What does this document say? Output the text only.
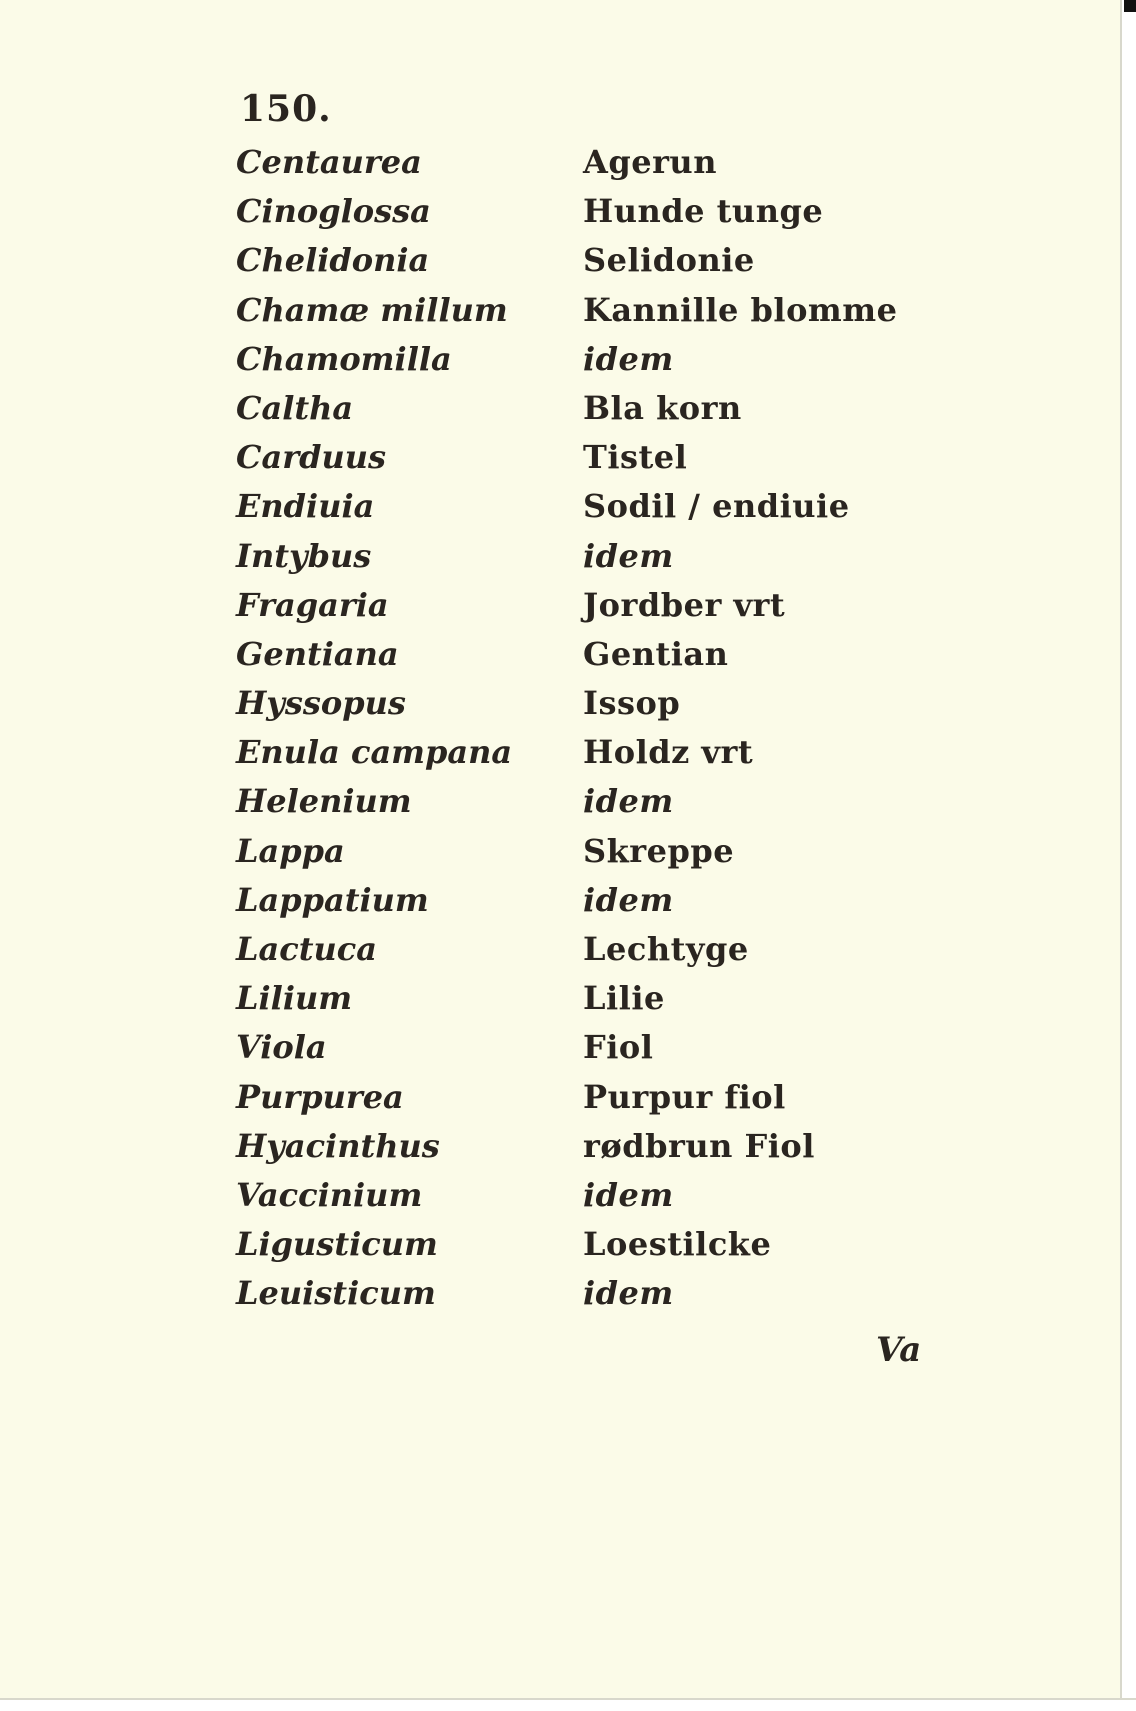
150.
Centaurea
Cinoglossa
Chelidonia
Chamæ millum
Chamomilla
Caltha
Carduus
Endiuia
Intybus
Fragaria
Gentiana
Hyssopus
Enula campana
Helenium
Lappa
Lappatium
Lactuca
Lilium
Viola
Purpurea
Hyacinthus
Vaccinium
Ligusticum
Leuisticum
Agerun
Hunde tunge
Selidonie
Kannille blomme
idem
Bla korn
Tistel
Sodil / endiuie
idem
Jordber vrt
Gentian
Issop
Holdz vrt
idem
Skreppe
idem
Lechtyge
Lilie
Fiol
Purpur fiol
rødbrun Fiol
idem
Loestilcke
idem
Va
